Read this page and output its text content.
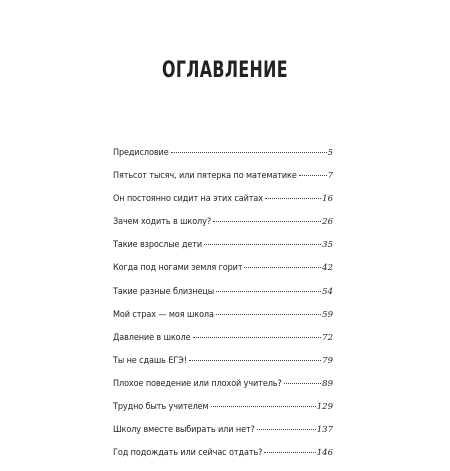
ОГЛАВЛЕНИЕ
Предисловие	5
Пятьсот тысяч, или пятерка по математике	7
Он постоянно сидит на этих сайтах	16
Зачем ходить в школу?	26
Такие взрослые дети	35
Когда под ногами земля горит	42
Такие разные близнецы	54
Мой страх — моя школа	59
Давление в школе	72
Ты не сдашь ЕГЭ!	79
Плохое поведение или плохой учитель?	89
Трудно быть учителем	129
Школу вместе выбирать или нет?	137
Год подождать или сейчас отдать?	146
